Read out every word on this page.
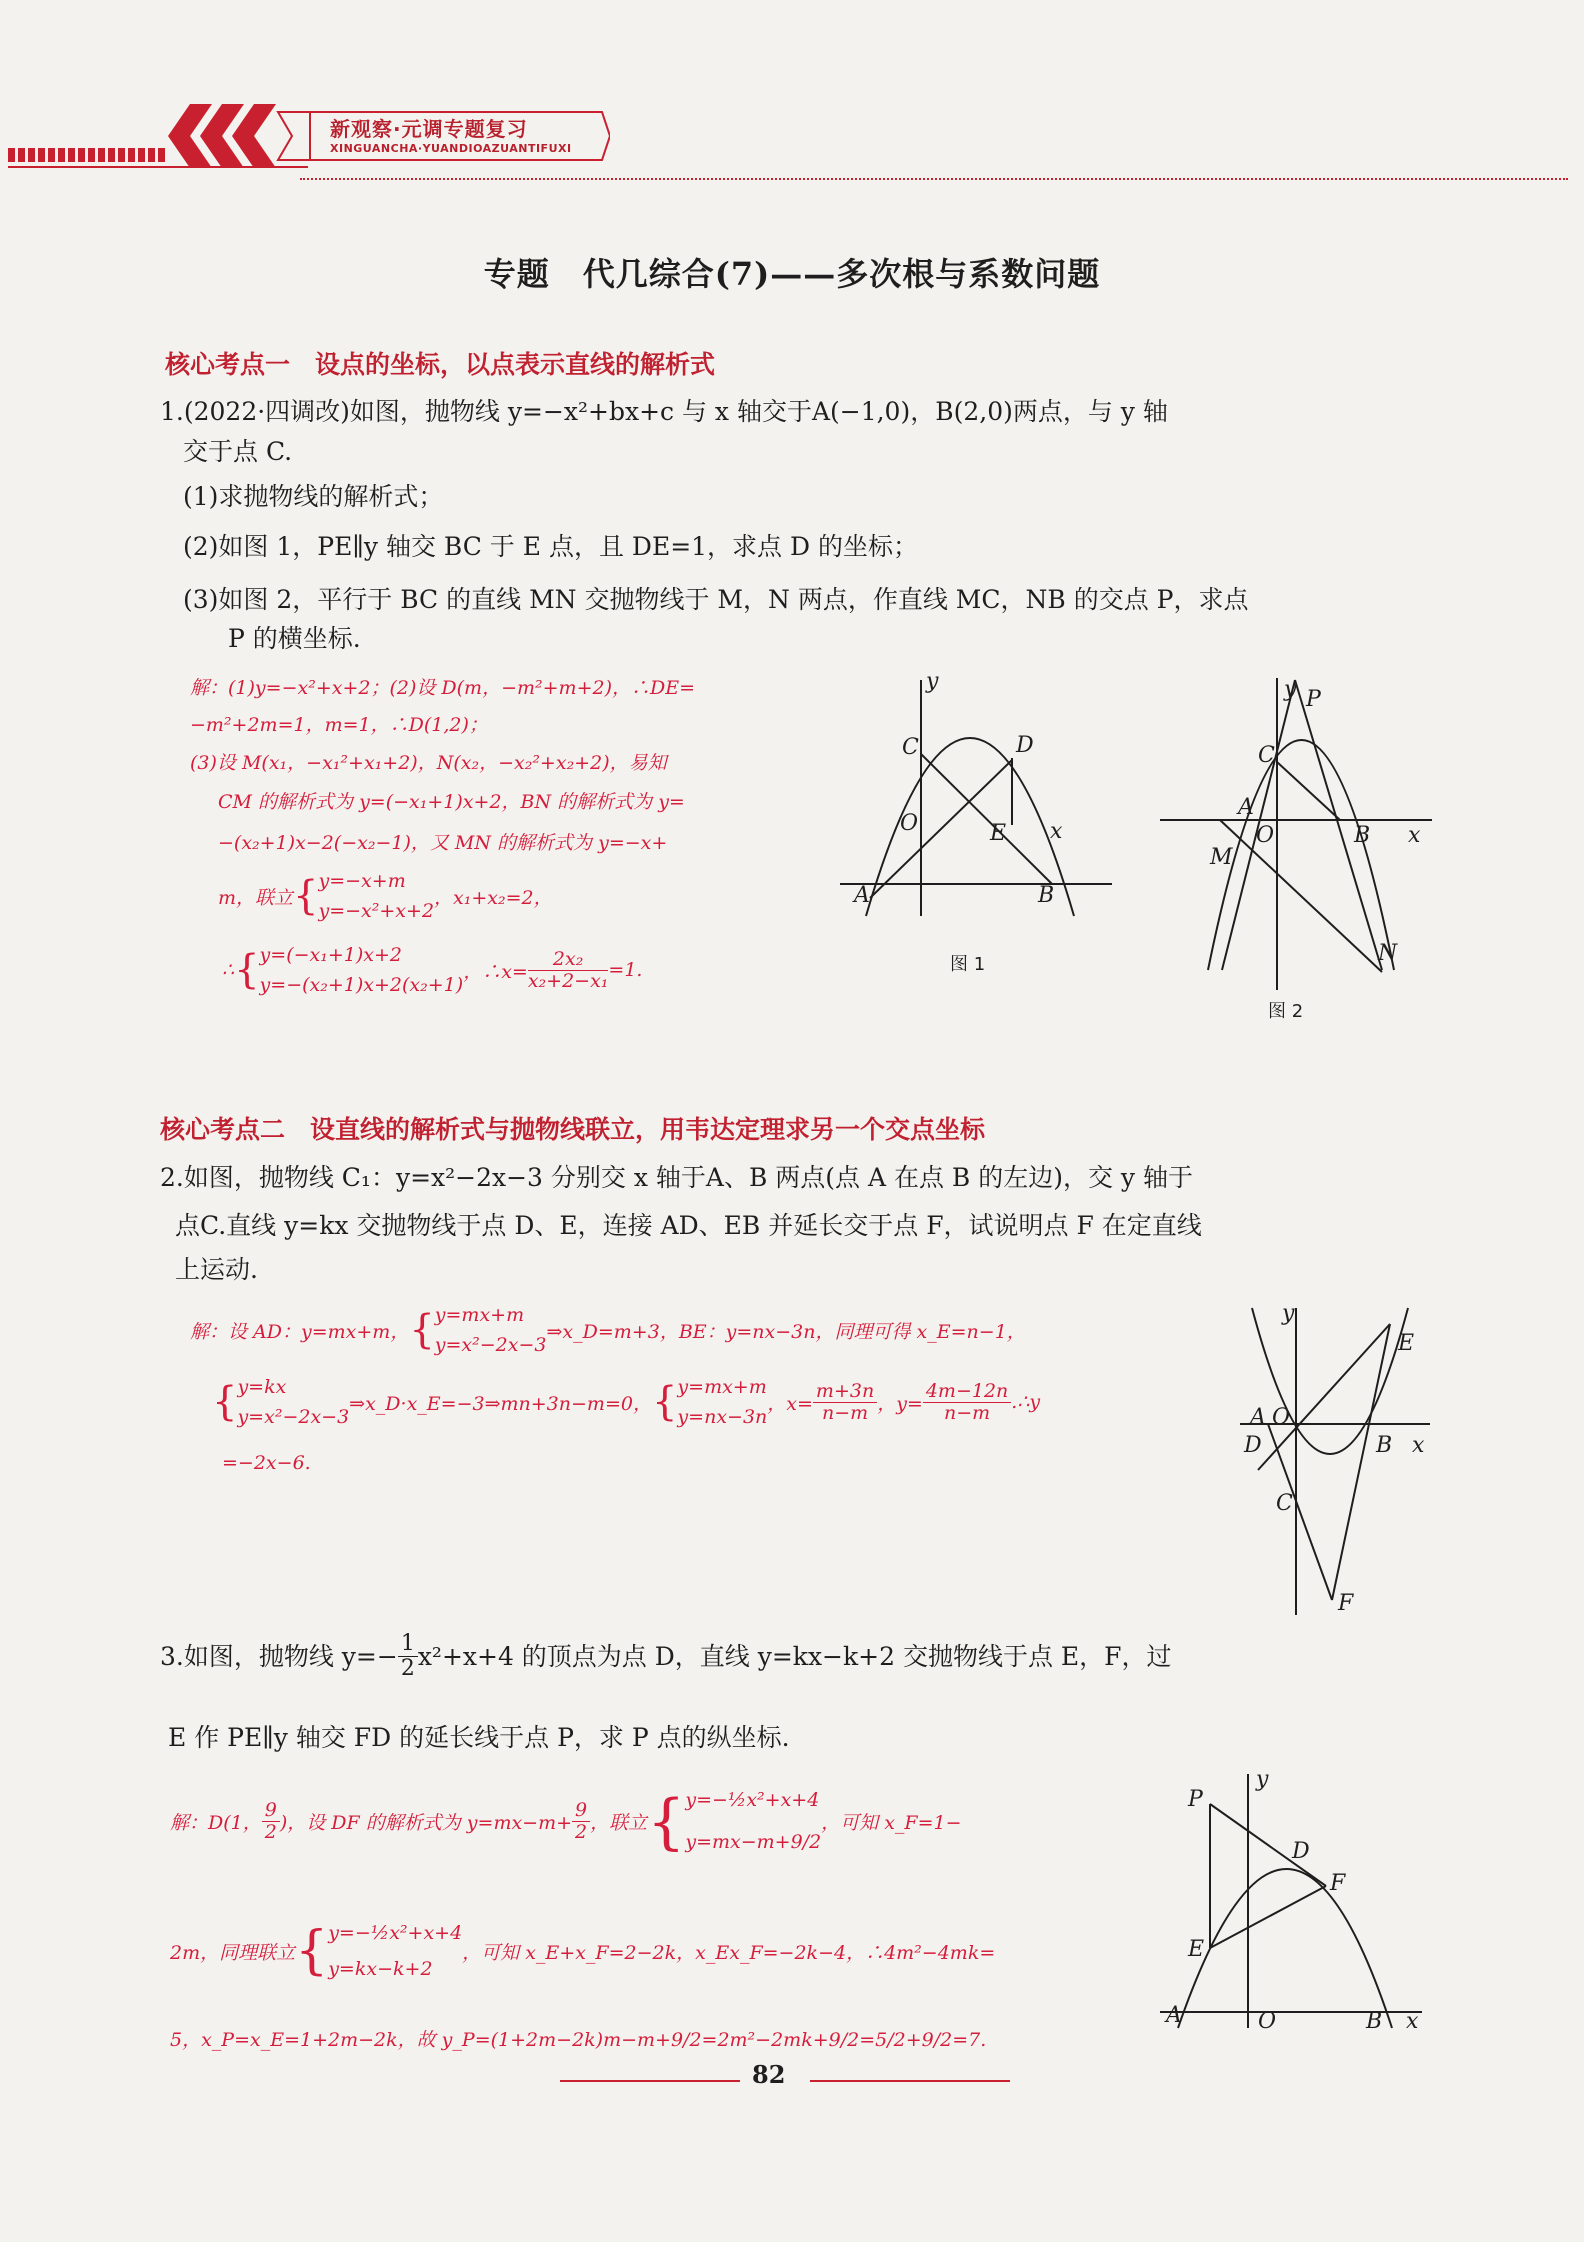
新观察·元调专题复习
XINGUANCHA·YUANDIOAZUANTIFUXI
专题　代几综合(7)——多次根与系数问题
核心考点一　设点的坐标，以点表示直线的解析式
1.(2022·四调改)如图，抛物线 y=−x²+bx+c 与 x 轴交于A(−1,0)，B(2,0)两点，与 y 轴
交于点 C.
(1)求抛物线的解析式；
(2)如图 1，PE∥y 轴交 BC 于 E 点，且 DE=1，求点 D 的坐标；
(3)如图 2，平行于 BC 的直线 MN 交抛物线于 M，N 两点，作直线 MC，NB 的交点 P，求点
P 的横坐标.
解：(1)y=−x²+x+2；(2)设 D(m，−m²+m+2)，∴DE=
−m²+2m=1，m=1，∴D(1,2)；
(3)设 M(x₁，−x₁²+x₁+2)，N(x₂，−x₂²+x₂+2)，易知
CM 的解析式为 y=(−x₁+1)x+2，BN 的解析式为 y=
−(x₂+1)x−2(−x₂−1)，又 MN 的解析式为 y=−x+
m，联立 { y=−x+m
y=−x²+x+2
，x₁+x₂=2，
∴ { y=(−x₁+1)x+2
y=−(x₂+1)x+2(x₂+1)
，∴x= $\frac{\text{2x₂}}{\text{x₂+2−x₁}} =1$.
y
C	D
O	E x
A	B
图 1
y P
C
A
O	B x
M
N
图 2
核心考点二　设直线的解析式与抛物线联立，用韦达定理求另一个交点坐标
2.如图，抛物线 C₁：y=x²−2x−3 分别交 x 轴于A、B 两点(点 A 在点 B 的左边)，交 y 轴于
点C.直线 y=kx 交抛物线于点 D、E，连接 AD、EB 并延长交于点 F，试说明点 F 在定直线
上运动.
解：设 AD：y=mx+m， { y=mx+m
y=x²−2x−3
⇒x_D=m+3，BE：y=nx−3n，同理可得 x_E=n−1，
{ y=kx
y=x²−2x−3
⇒x_D·x_E=−3⇒mn+3n−m=0， { y=mx+m
y=nx−3n
，$x= \frac{m+3n}{n-m}$ ，$y= \frac{4m-12n}{n-m}$ .∴y
=−2x−6.
y
E
A O
D	B x
C
F
3.如图，抛物线 $y=- \frac{1}{2} x^2+x+4$ 的顶点为点 D，直线 y=kx−k+2 交抛物线于点 E，F，过
E 作 PE∥y 轴交 FD 的延长线于点 P，求 P 点的纵坐标.
解：D(1， $\frac{9}{2}$ )，设 DF 的解析式为 $y=mx-m+ \frac{9}{2}$ ，联立 { y=−½x²+x+4
y=mx−m+9/2
，可知 x_F=1−
2m，同理联立 { y=−½x²+x+4
y=kx−k+2
，可知 x_E+x_F=2−2k，x_Ex_F=−2k−4，∴4m²−4mk=
5，x_P=x_E=1+2m−2k，故 y_P=(1+2m−2k)m−m+9/2=2m²−2mk+9/2=5/2+9/2=7.
y
P
D
F
E
A	O	B x
82
